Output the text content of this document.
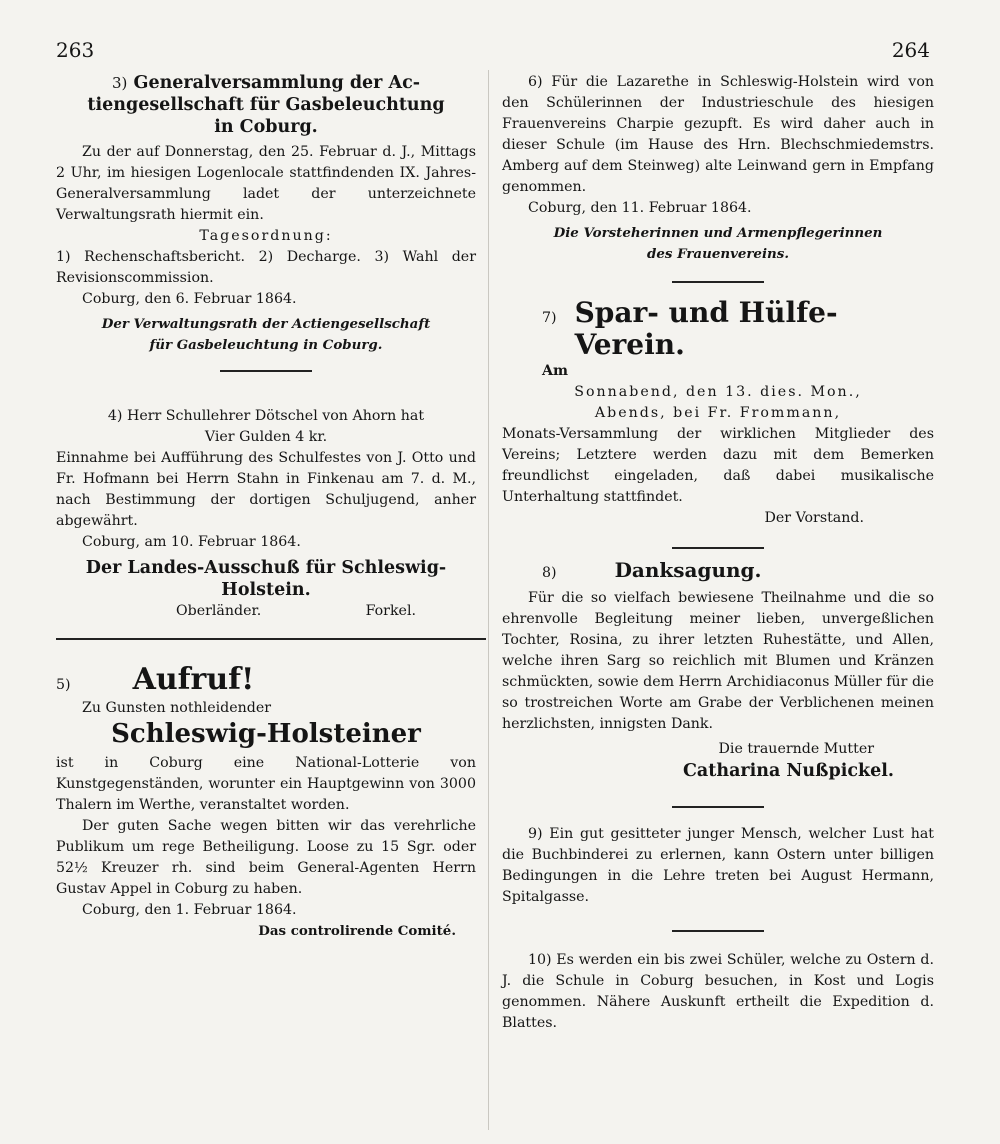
263	264
3) Generalversammlung der Ac-
tiengesellschaft für Gasbeleuchtung
in Coburg.
Zu der auf Donnerstag, den 25. Februar d. J., Mittags 2 Uhr, im hiesigen Logenlocale stattfindenden IX. Jahres-Generalversammlung ladet der unterzeichnete Verwaltungsrath hiermit ein.
Tagesordnung:
1) Rechenschaftsbericht. 2) Decharge. 3) Wahl der Revisionscommission.
Coburg, den 6. Februar 1864.
Der Verwaltungsrath der Actiengesellschaft
für Gasbeleuchtung in Coburg.
4) Herr Schullehrer Dötschel von Ahorn hat
Vier Gulden 4 kr.
Einnahme bei Aufführung des Schulfestes von J. Otto und Fr. Hofmann bei Herrn Stahn in Finkenau am 7. d. M., nach Bestimmung der dortigen Schuljugend, anher abgewährt.
Coburg, am 10. Februar 1864.
Der Landes-Ausschuß für Schleswig-
Holstein.
Oberländer.	Forkel.
5) Aufruf!
Zu Gunsten nothleidender
Schleswig-Holsteiner
ist in Coburg eine National-Lotterie von Kunstgegenständen, worunter ein Hauptgewinn von 3000 Thalern im Werthe, veranstaltet worden.
Der guten Sache wegen bitten wir das verehrliche Publikum um rege Betheiligung. Loose zu 15 Sgr. oder 52½ Kreuzer rh. sind beim General-Agenten Herrn Gustav Appel in Coburg zu haben.
Coburg, den 1. Februar 1864.
Das controlirende Comité.
6) Für die Lazarethe in Schleswig-Holstein wird von den Schülerinnen der Industrieschule des hiesigen Frauenvereins Charpie gezupft. Es wird daher auch in dieser Schule (im Hause des Hrn. Blechschmiedemstrs. Amberg auf dem Steinweg) alte Leinwand gern in Empfang genommen.
Coburg, den 11. Februar 1864.
Die Vorsteherinnen und Armenpflegerinnen
des Frauenvereins.
7) Spar- und Hülfe-Verein.
Am
Sonnabend, den 13. dies. Mon.,
Abends, bei Fr. Frommann,
Monats-Versammlung der wirklichen Mitglieder des Vereins; Letztere werden dazu mit dem Bemerken freundlichst eingeladen, daß dabei musikalische Unterhaltung stattfindet.
Der Vorstand.
8)	Danksagung.
Für die so vielfach bewiesene Theilnahme und die so ehrenvolle Begleitung meiner lieben, unvergeßlichen Tochter, Rosina, zu ihrer letzten Ruhestätte, und Allen, welche ihren Sarg so reichlich mit Blumen und Kränzen schmückten, sowie dem Herrn Archidiaconus Müller für die so trostreichen Worte am Grabe der Verblichenen meinen herzlichsten, innigsten Dank.
Die trauernde Mutter
Catharina Nußpickel.
9) Ein gut gesitteter junger Mensch, welcher Lust hat die Buchbinderei zu erlernen, kann Ostern unter billigen Bedingungen in die Lehre treten bei August Hermann, Spitalgasse.
10) Es werden ein bis zwei Schüler, welche zu Ostern d. J. die Schule in Coburg besuchen, in Kost und Logis genommen. Nähere Auskunft ertheilt die Expedition d. Blattes.
